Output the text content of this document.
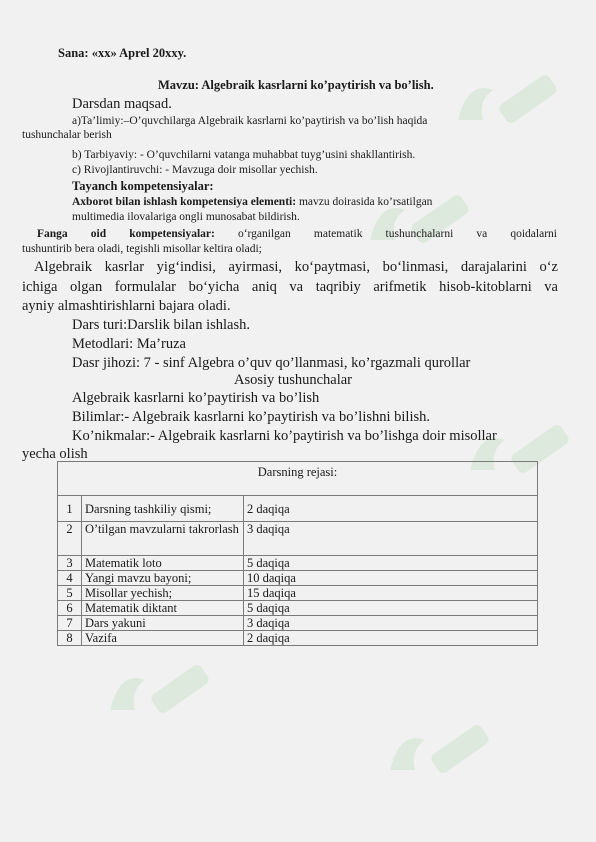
Sana: «xx» Aprel 20xxy.
Mavzu: Algebraik kasrlarni ko’paytirish va bo’lish.
Darsdan maqsad.
a)Ta’limiy:–O’quvchilarga Algebraik kasrlarni ko’paytirish va bo’lish haqida
tushunchalar berish
b) Tarbiyaviy: - O’quvchilarni vatanga muhabbat tuyg’usini shakllantirish.
c) Rivojlantiruvchi: - Mavzuga doir misollar yechish.
Tayanch kompetensiyalar:
Axborot bilan ishlash kompetensiya elementi: mavzu doirasida ko’rsatilgan
multimedia ilovalariga ongli munosabat bildirish.
Fanga oid kompetensiyalar: o‘rganilgan matematik tushunchalarni va qoidalarni
tushuntirib bera oladi, tegishli misollar keltira oladi;
Algebraik kasrlar yig‘indisi, ayirmasi, ko‘paytmasi, bo‘linmasi, darajalarini o‘z
ichiga olgan formulalar bo‘yicha aniq va taqribiy arifmetik hisob-kitoblarni va
ayniy almashtirishlarni bajara oladi.
Dars turi:Darslik bilan ishlash.
Metodlari: Ma’ruza
Dasr jihozi: 7 - sinf Algebra o’quv qo’llanmasi, ko’rgazmali qurollar
Asosiy tushunchalar
Algebraik kasrlarni ko’paytirish va bo’lish
Bilimlar:- Algebraik kasrlarni ko’paytirish va bo’lishni bilish.
Ko’nikmalar:- Algebraik kasrlarni ko’paytirish va bo’lishga doir misollar
yecha olish
Darsning rejasi:		
1	Darsning tashkiliy qismi;	2 daqiqa
2	O’tilgan mavzularni takrorlash	3 daqiqa
3	Matematik loto	5 daqiqa
4	Yangi mavzu bayoni;	10 daqiqa
5	Misollar yechish;	15 daqiqa
6	Matematik diktant	5 daqiqa
7	Dars yakuni	3 daqiqa
8	Vazifa	2 daqiqa
